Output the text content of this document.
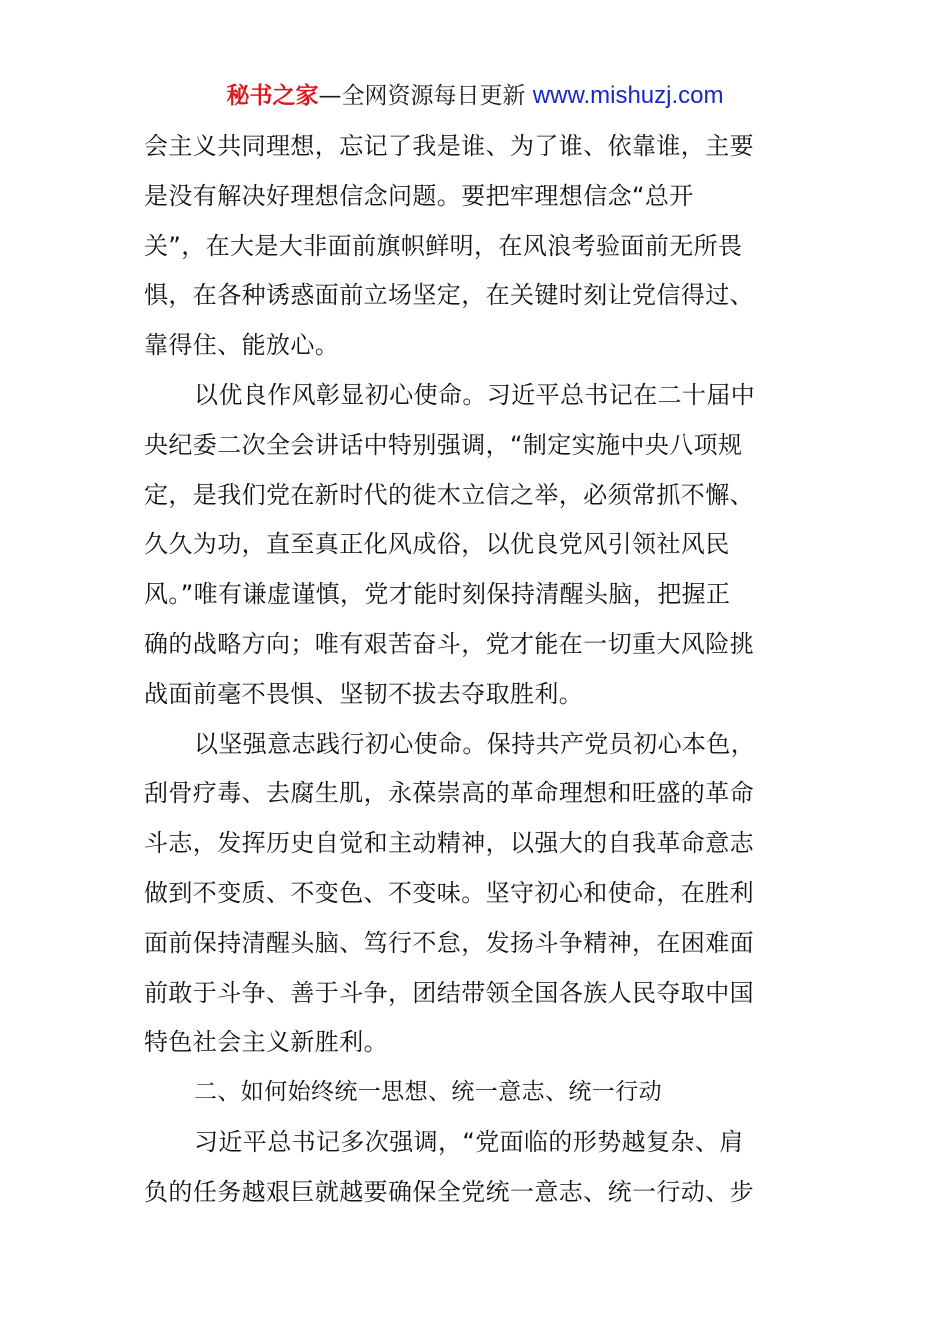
秘书之家—全网资源每日更新 www.mishuzj.com

会主义共同理想，忘记了我是谁、为了谁、依靠谁，主要

是没有解决好理想信念问题。要把牢理想信念“总开

关”，在大是大非面前旗帜鲜明，在风浪考验面前无所畏

惧，在各种诱惑面前立场坚定，在关键时刻让党信得过、

靠得住、能放心。

以优良作风彰显初心使命。习近平总书记在二十届中

央纪委二次全会讲话中特别强调，“制定实施中央八项规

定，是我们党在新时代的徙木立信之举，必须常抓不懈、

久久为功，直至真正化风成俗，以优良党风引领社风民

风。”唯有谦虚谨慎，党才能时刻保持清醒头脑，把握正

确的战略方向；唯有艰苦奋斗，党才能在一切重大风险挑

战面前毫不畏惧、坚韧不拔去夺取胜利。

以坚强意志践行初心使命。保持共产党员初心本色，

刮骨疗毒、去腐生肌，永葆崇高的革命理想和旺盛的革命

斗志，发挥历史自觉和主动精神，以强大的自我革命意志

做到不变质、不变色、不变味。坚守初心和使命，在胜利

面前保持清醒头脑、笃行不怠，发扬斗争精神，在困难面

前敢于斗争、善于斗争，团结带领全国各族人民夺取中国

特色社会主义新胜利。

二、如何始终统一思想、统一意志、统一行动

习近平总书记多次强调，“党面临的形势越复杂、肩

负的任务越艰巨就越要确保全党统一意志、统一行动、步
